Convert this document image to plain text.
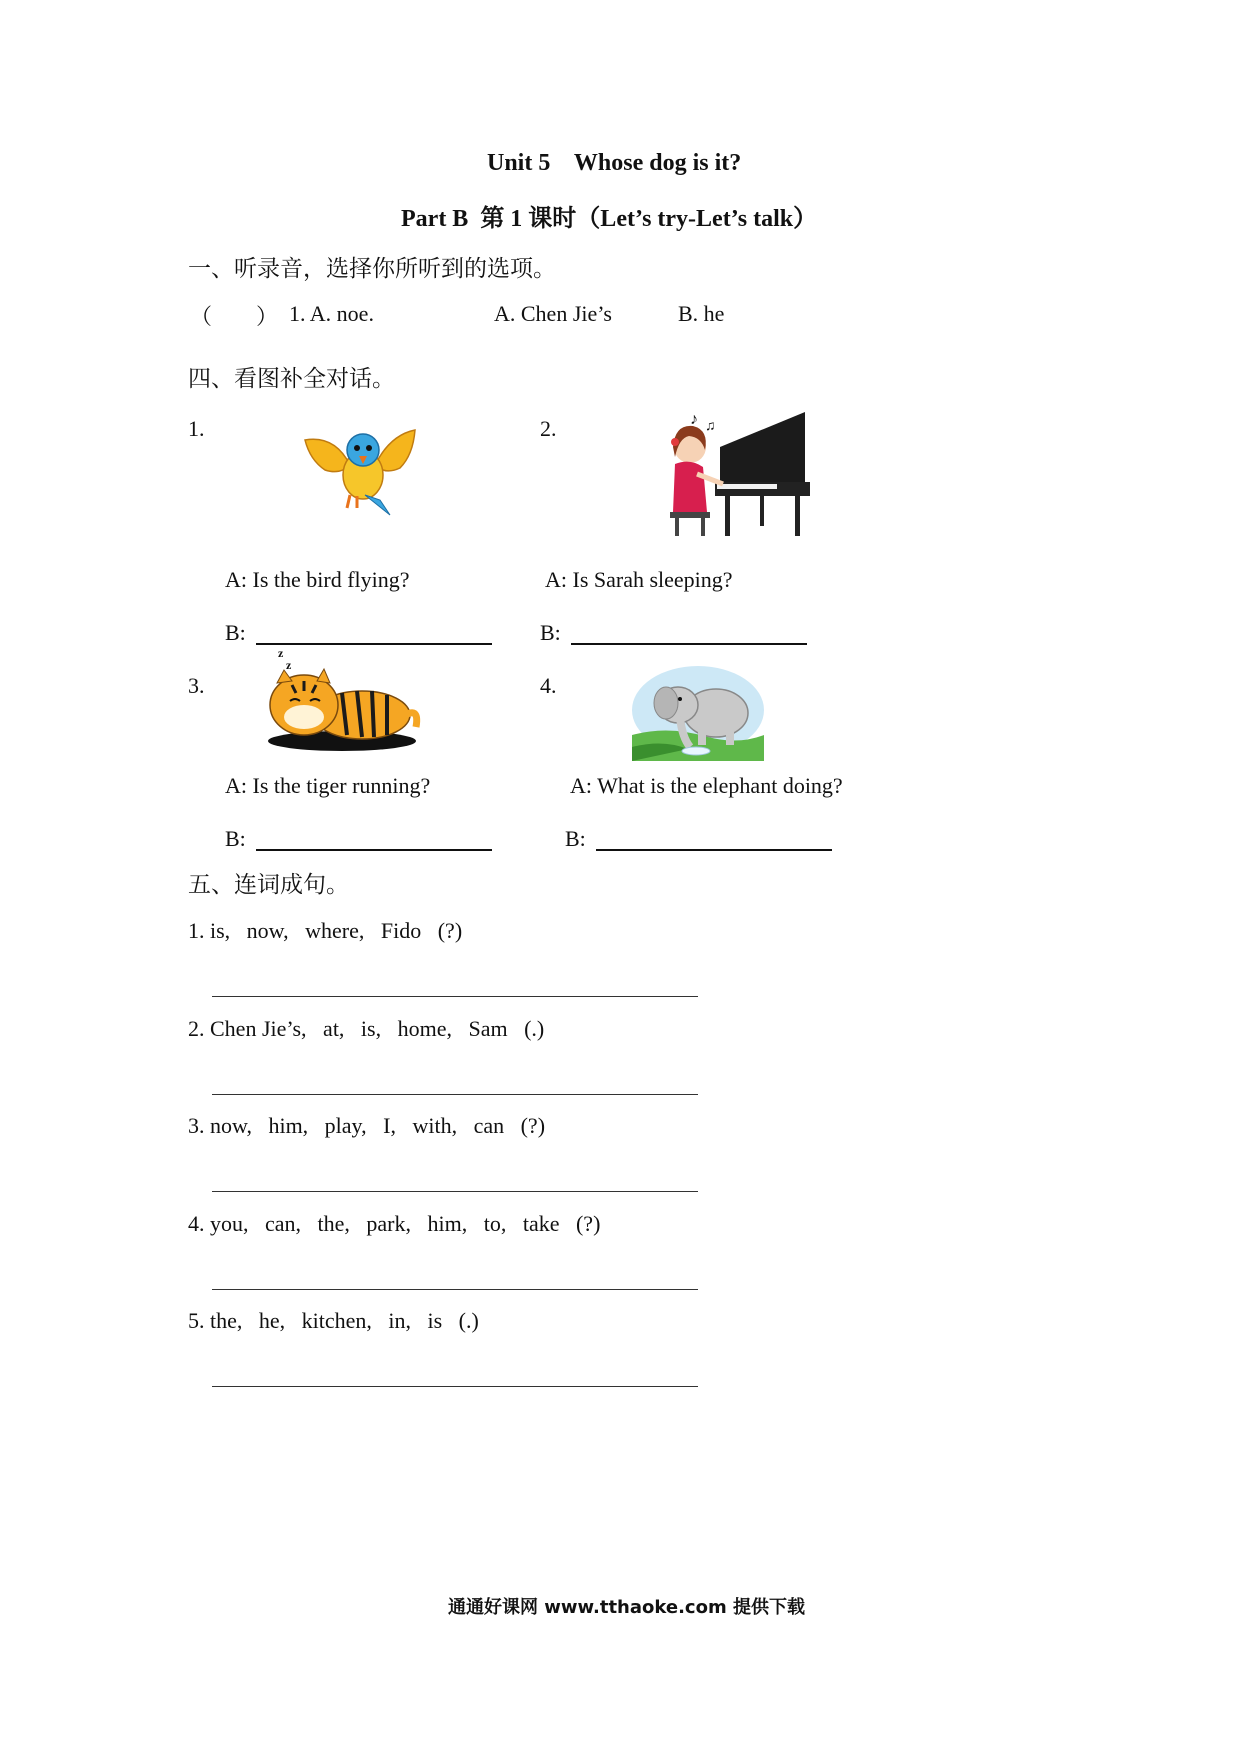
Unit 5    Whose dog is it?
Part B  第 1 课时（Let’s try-Let’s talk）
一、听录音，选择你所听到的选项。
（        ） 1. A. noe.	A. Chen Jie’s	B. he
四、看图补全对话。
1.
A: Is the bird flying?
B:
2.	♪ ♫
A: Is Sarah sleeping?
B:
3.
z
z
A: Is the tiger running?
B:
4.
A: What is the elephant doing?
B:
五、连词成句。
1. is,   now,   where,   Fido   (?)
2. Chen Jie’s,   at,   is,   home,   Sam   (.)
3. now,   him,   play,   I,   with,   can   (?)
4. you,   can,   the,   park,   him,   to,   take   (?)
5. the,   he,   kitchen,   in,   is   (.)
通通好课网 www.tthaoke.com 提供下载
